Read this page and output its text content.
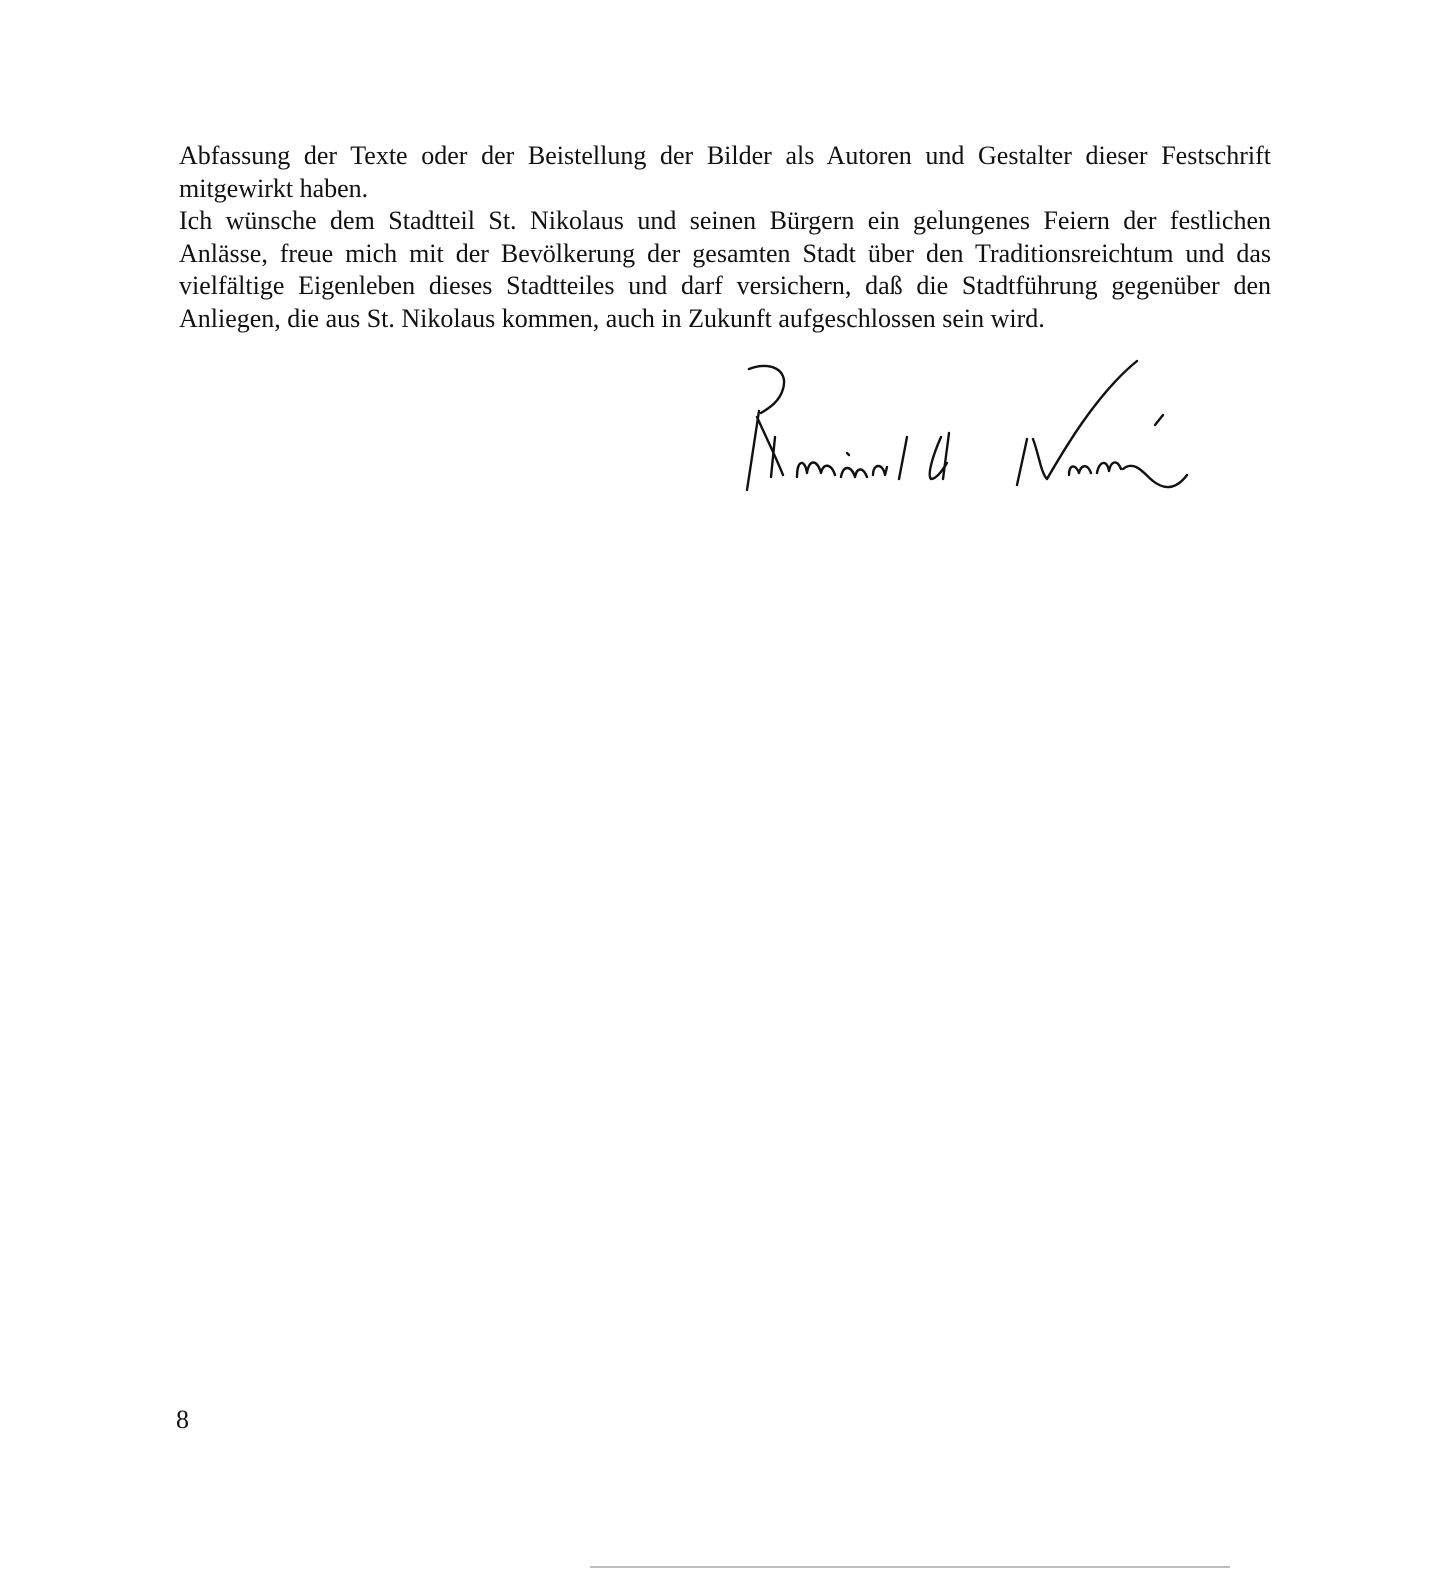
Abfassung der Texte oder der Beistellung der Bilder als Autoren und Gestalter dieser Festschrift mitgewirkt haben.

Ich wünsche dem Stadtteil St. Nikolaus und seinen Bürgern ein gelungenes Feiern der festlichen Anlässe, freue mich mit der Bevölkerung der gesamten Stadt über den Traditionsreichtum und das vielfältige Eigenleben dieses Stadtteiles und darf versichern, daß die Stadtführung gegenüber den Anliegen, die aus St. Nikolaus kommen, auch in Zukunft aufgeschlossen sein wird.

8
